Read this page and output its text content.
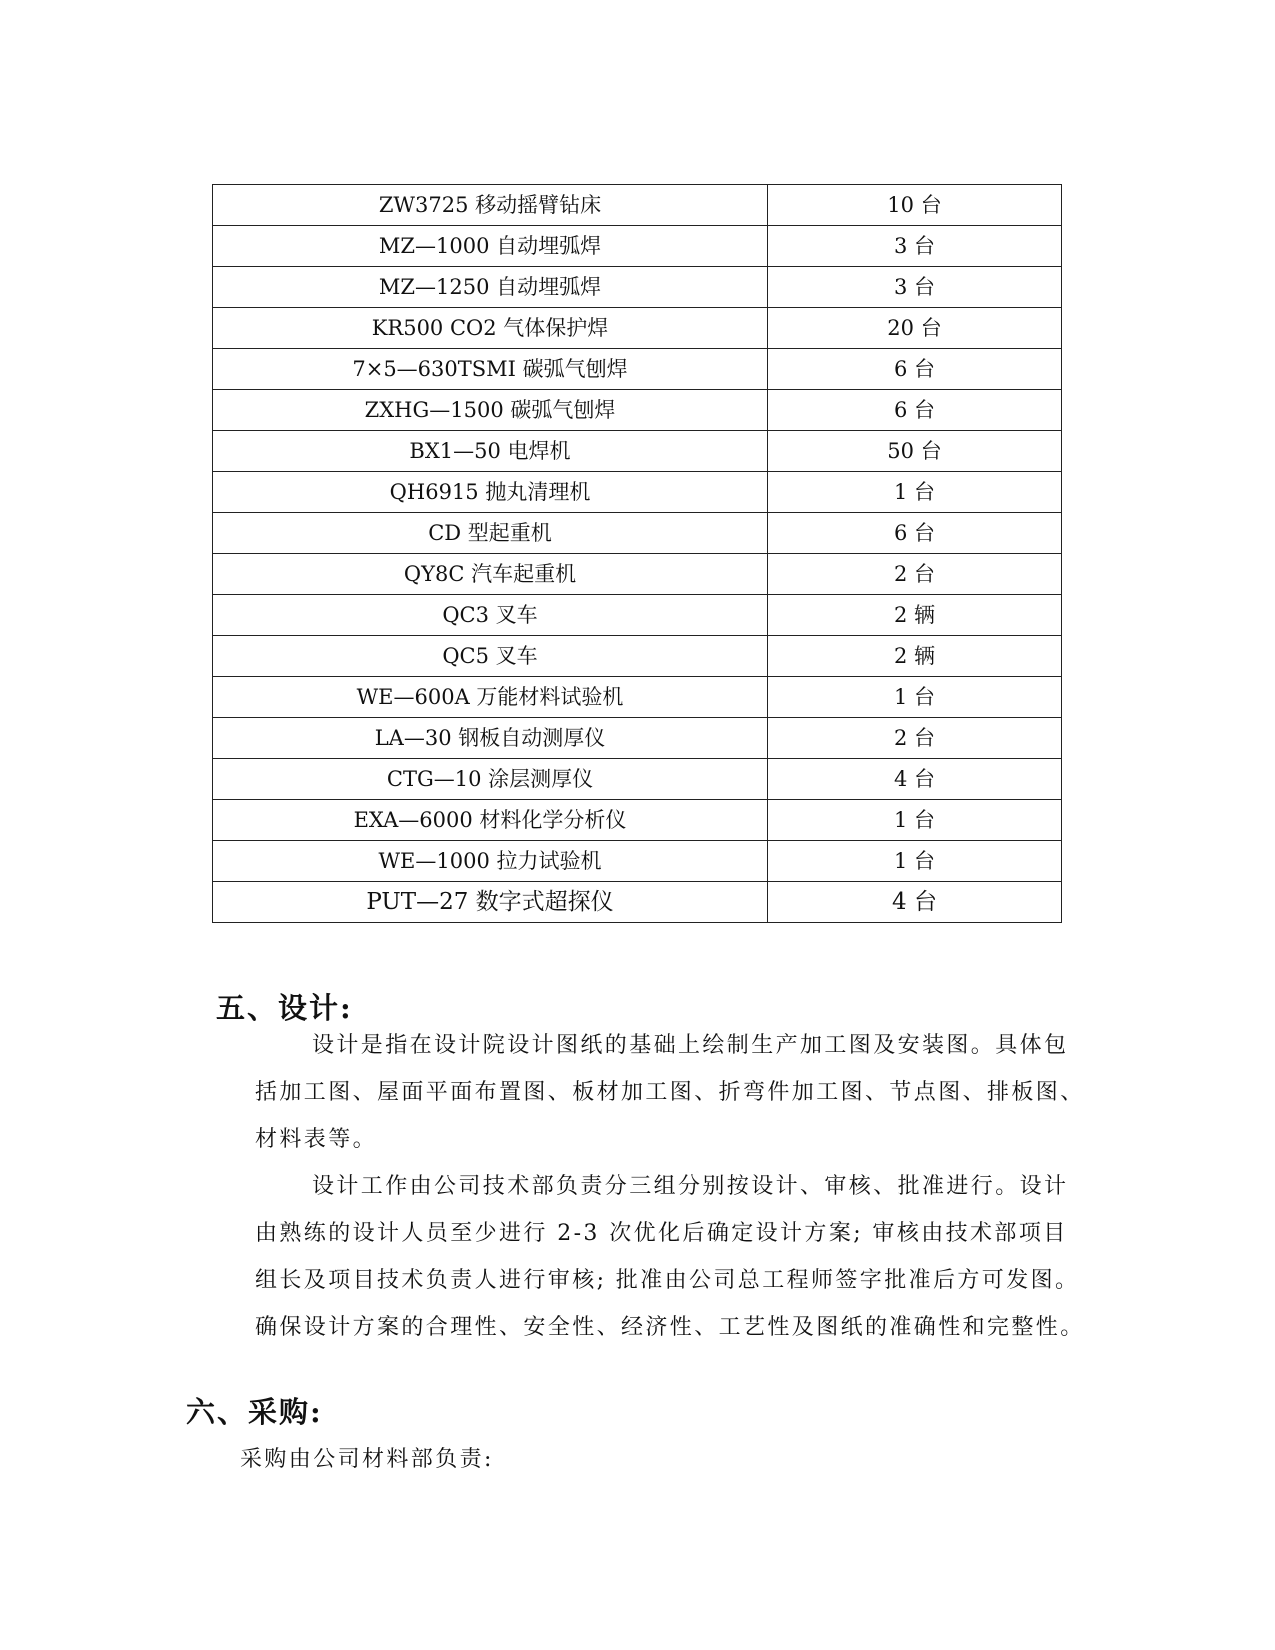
ZW3725 移动摇臂钻床	10 台
MZ—1000 自动埋弧焊	3 台
MZ—1250 自动埋弧焊	3 台
KR500 CO2 气体保护焊	20 台
7×5—630TSMI 碳弧气刨焊	6 台
ZXHG—1500 碳弧气刨焊	6 台
BX1—50 电焊机	50 台
QH6915 抛丸清理机	1 台
CD 型起重机	6 台
QY8C 汽车起重机	2 台
QC3 叉车	2 辆
QC5 叉车	2 辆
WE—600A 万能材料试验机	1 台
LA—30 钢板自动测厚仪	2 台
CTG—10 涂层测厚仪	4 台
EXA—6000 材料化学分析仪	1 台
WE—1000 拉力试验机	1 台
PUT—27 数字式超探仪	4 台
五、设计:
设计是指在设计院设计图纸的基础上绘制生产加工图及安装图。具体包
括加工图、屋面平面布置图、板材加工图、折弯件加工图、节点图、排板图、
材料表等。
设计工作由公司技术部负责分三组分别按设计、审核、批准进行。设计
由熟练的设计人员至少进行 2-3 次优化后确定设计方案; 审核由技术部项目
组长及项目技术负责人进行审核; 批准由公司总工程师签字批准后方可发图。
确保设计方案的合理性、安全性、经济性、工艺性及图纸的准确性和完整性。
六、采购:
采购由公司材料部负责:
